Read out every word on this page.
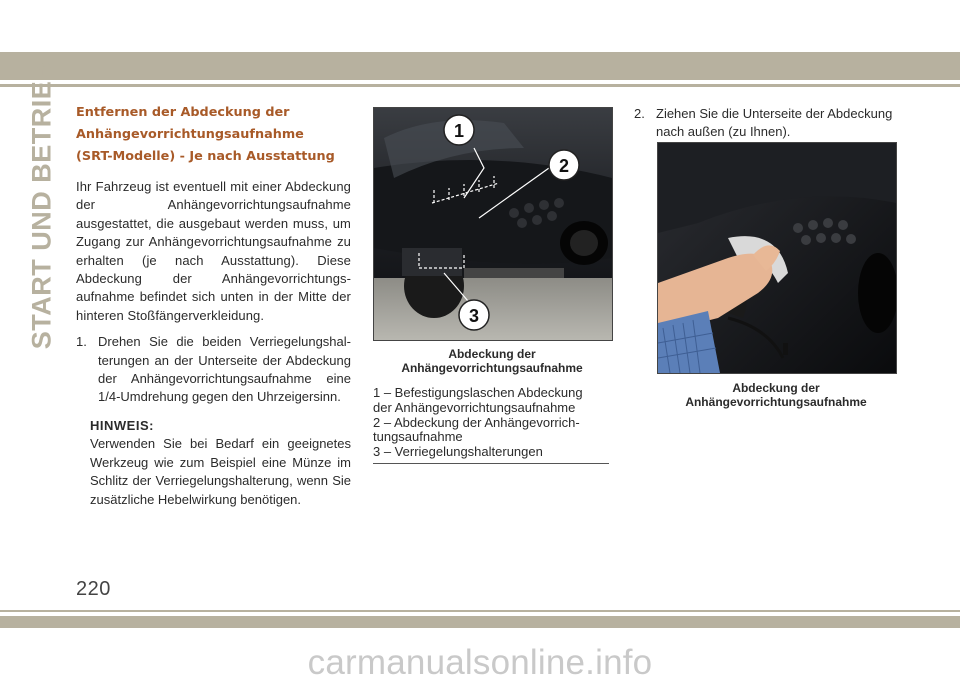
START UND BETRIEB Entfernen der Abdeckung der
Anhängevorrichtungsaufnahme
(SRT-Modelle) - Je nach Ausstattung

Ihr Fahrzeug ist eventuell mit einer Abdeckung der Anhängevorrichtungsaufnahme ausgestattet, die ausgebaut werden muss, um Zugang zur Anhängevorrichtungsaufnahme zu erhalten (je nach Ausstattung). Diese Abdeckung der Anhängevorrichtungsaufnahme befindet sich unten in der Mitte der hinteren Stoßfängerverkleidung.

1. Drehen Sie die beiden Verriegelungshalterungen an der Unterseite der Abdeckung der Anhängevorrichtungsaufnahme eine 1/4-Umdrehung gegen den Uhrzeigersinn.
HINWEIS:
Verwenden Sie bei Bedarf ein geeignetes Werkzeug wie zum Beispiel eine Münze im Schlitz der Verriegelungshalterung, wenn Sie zusätzliche Hebelwirkung benötigen.
1
2
3
Abdeckung der
Anhängevorrichtungsaufnahme
1 – Befestigungslaschen Abdeckung
der Anhängevorrichtungsaufnahme
2 – Abdeckung der Anhängevorrich-
tungsaufnahme
3 – Verriegelungshalterungen
2. Ziehen Sie die Unterseite der Abdeckung nach außen (zu Ihnen).
Abdeckung der
Anhängevorrichtungsaufnahme
220
carmanualsonline.info
